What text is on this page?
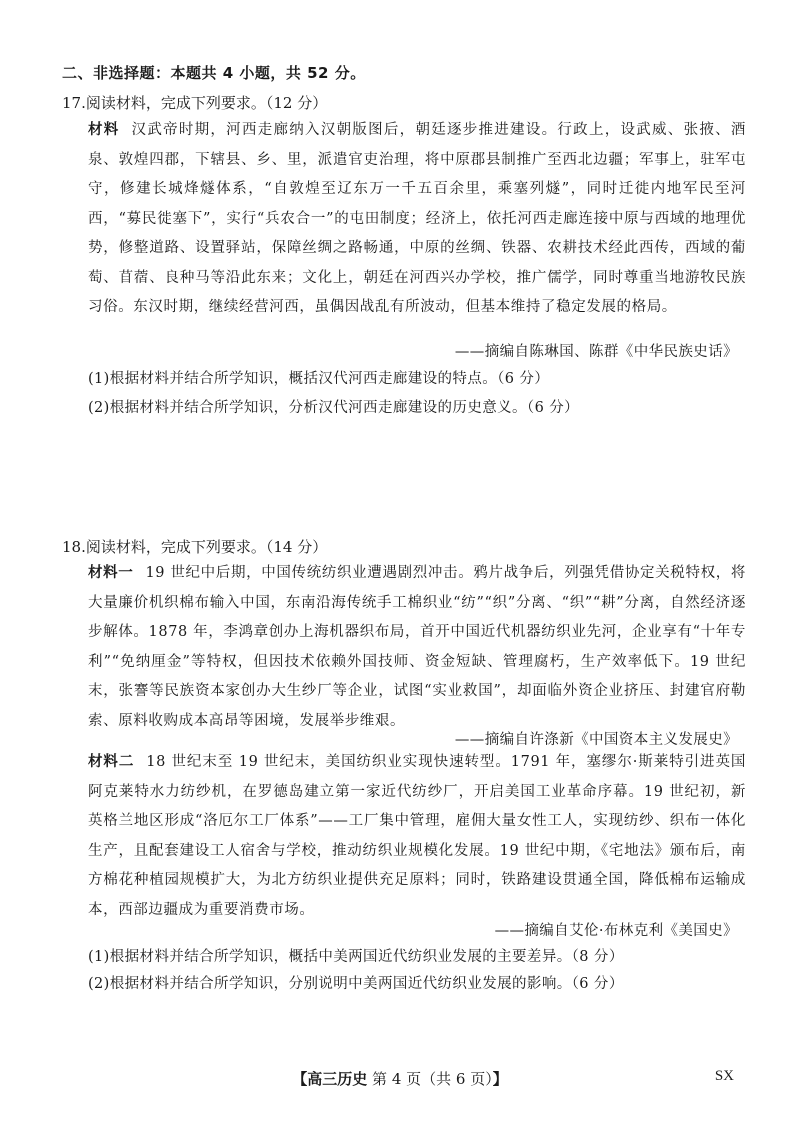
二、非选择题：本题共 4 小题，共 52 分。
17.阅读材料，完成下列要求。（12 分）
材料 汉武帝时期，河西走廊纳入汉朝版图后，朝廷逐步推进建设。行政上，设武威、张掖、酒泉、敦煌四郡，下辖县、乡、里，派遣官吏治理，将中原郡县制推广至西北边疆；军事上，驻军屯守，修建长城烽燧体系，“自敦煌至辽东万一千五百余里，乘塞列燧”，同时迁徙内地军民至河西，“募民徙塞下”，实行“兵农合一”的屯田制度；经济上，依托河西走廊连接中原与西域的地理优势，修整道路、设置驿站，保障丝绸之路畅通，中原的丝绸、铁器、农耕技术经此西传，西域的葡萄、苜蓿、良种马等沿此东来；文化上，朝廷在河西兴办学校，推广儒学，同时尊重当地游牧民族习俗。东汉时期，继续经营河西，虽偶因战乱有所波动，但基本维持了稳定发展的格局。
——摘编自陈琳国、陈群《中华民族史话》
(1)根据材料并结合所学知识，概括汉代河西走廊建设的特点。（6 分）
(2)根据材料并结合所学知识，分析汉代河西走廊建设的历史意义。（6 分）
18.阅读材料，完成下列要求。（14 分）
材料一 19 世纪中后期，中国传统纺织业遭遇剧烈冲击。鸦片战争后，列强凭借协定关税特权，将大量廉价机织棉布输入中国，东南沿海传统手工棉织业“纺”“织”分离、“织”“耕”分离，自然经济逐步解体。1878 年，李鸿章创办上海机器织布局，首开中国近代机器纺织业先河，企业享有“十年专利”“免纳厘金”等特权，但因技术依赖外国技师、资金短缺、管理腐朽，生产效率低下。19 世纪末，张謇等民族资本家创办大生纱厂等企业，试图“实业救国”，却面临外资企业挤压、封建官府勒索、原料收购成本高昂等困境，发展举步维艰。
——摘编自许涤新《中国资本主义发展史》
材料二 18 世纪末至 19 世纪末，美国纺织业实现快速转型。1791 年，塞缪尔·斯莱特引进英国阿克莱特水力纺纱机，在罗德岛建立第一家近代纺纱厂，开启美国工业革命序幕。19 世纪初，新英格兰地区形成“洛厄尔工厂体系”——工厂集中管理，雇佣大量女性工人，实现纺纱、织布一体化生产，且配套建设工人宿舍与学校，推动纺织业规模化发展。19 世纪中期，《宅地法》颁布后，南方棉花种植园规模扩大，为北方纺织业提供充足原料；同时，铁路建设贯通全国，降低棉布运输成本，西部边疆成为重要消费市场。
——摘编自艾伦·布林克利《美国史》
(1)根据材料并结合所学知识，概括中美两国近代纺织业发展的主要差异。（8 分）
(2)根据材料并结合所学知识，分别说明中美两国近代纺织业发展的影响。（6 分）
【高三历史 第 4 页（共 6 页）】	SX
